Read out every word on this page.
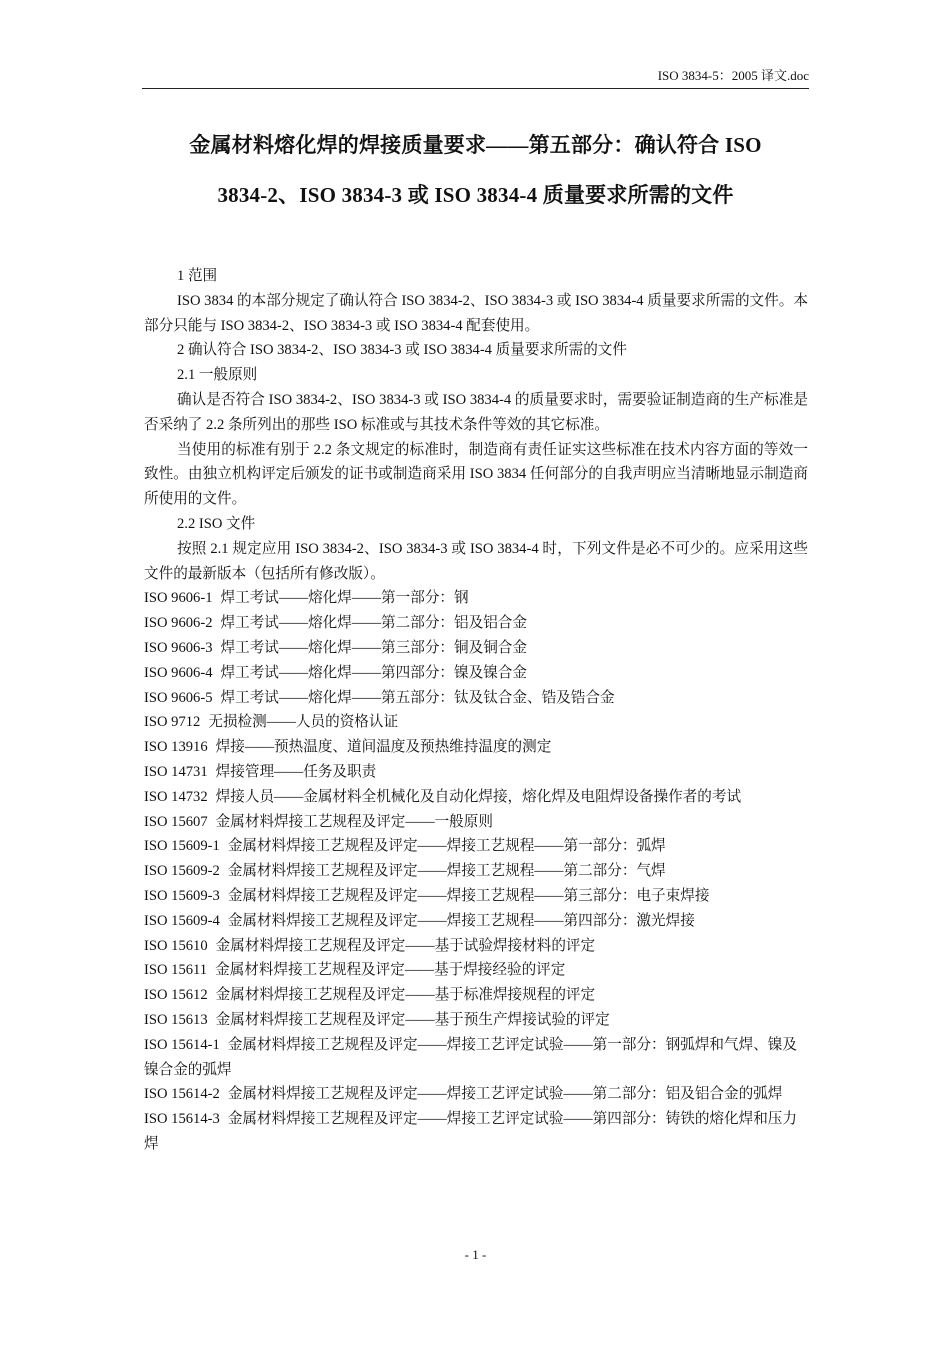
ISO 3834-5：2005 译文.doc
金属材料熔化焊的焊接质量要求——第五部分：确认符合 ISO
3834-2、ISO 3834-3 或 ISO 3834-4 质量要求所需的文件

1 范围

ISO 3834 的本部分规定了确认符合 ISO 3834-2、ISO 3834-3 或 ISO 3834-4 质量要求所需的文件。本部分只能与 ISO 3834-2、ISO 3834-3 或 ISO 3834-4 配套使用。

2 确认符合 ISO 3834-2、ISO 3834-3 或 ISO 3834-4 质量要求所需的文件

2.1 一般原则

确认是否符合 ISO 3834-2、ISO 3834-3 或 ISO 3834-4 的质量要求时，需要验证制造商的生产标准是否采纳了 2.2 条所列出的那些 ISO 标准或与其技术条件等效的其它标准。

当使用的标准有别于 2.2 条文规定的标准时，制造商有责任证实这些标准在技术内容方面的等效一致性。由独立机构评定后颁发的证书或制造商采用 ISO 3834 任何部分的自我声明应当清晰地显示制造商所使用的文件。

2.2 ISO 文件

按照 2.1 规定应用 ISO 3834-2、ISO 3834-3 或 ISO 3834-4 时，下列文件是必不可少的。应采用这些文件的最新版本（包括所有修改版）。

ISO 9606-1 焊工考试——熔化焊——第一部分：钢

ISO 9606-2 焊工考试——熔化焊——第二部分：铝及铝合金

ISO 9606-3 焊工考试——熔化焊——第三部分：铜及铜合金

ISO 9606-4 焊工考试——熔化焊——第四部分：镍及镍合金

ISO 9606-5 焊工考试——熔化焊——第五部分：钛及钛合金、锆及锆合金

ISO 9712 无损检测——人员的资格认证

ISO 13916 焊接——预热温度、道间温度及预热维持温度的测定

ISO 14731 焊接管理——任务及职责

ISO 14732 焊接人员——金属材料全机械化及自动化焊接，熔化焊及电阻焊设备操作者的考试

ISO 15607 金属材料焊接工艺规程及评定——一般原则

ISO 15609-1 金属材料焊接工艺规程及评定——焊接工艺规程——第一部分：弧焊

ISO 15609-2 金属材料焊接工艺规程及评定——焊接工艺规程——第二部分：气焊

ISO 15609-3 金属材料焊接工艺规程及评定——焊接工艺规程——第三部分：电子束焊接

ISO 15609-4 金属材料焊接工艺规程及评定——焊接工艺规程——第四部分：激光焊接

ISO 15610 金属材料焊接工艺规程及评定——基于试验焊接材料的评定

ISO 15611 金属材料焊接工艺规程及评定——基于焊接经验的评定

ISO 15612 金属材料焊接工艺规程及评定——基于标准焊接规程的评定

ISO 15613 金属材料焊接工艺规程及评定——基于预生产焊接试验的评定

ISO 15614-1 金属材料焊接工艺规程及评定——焊接工艺评定试验——第一部分：钢弧焊和气焊、镍及镍合金的弧焊

ISO 15614-2 金属材料焊接工艺规程及评定——焊接工艺评定试验——第二部分：铝及铝合金的弧焊

ISO 15614-3 金属材料焊接工艺规程及评定——焊接工艺评定试验——第四部分：铸铁的熔化焊和压力焊

- 1 -
